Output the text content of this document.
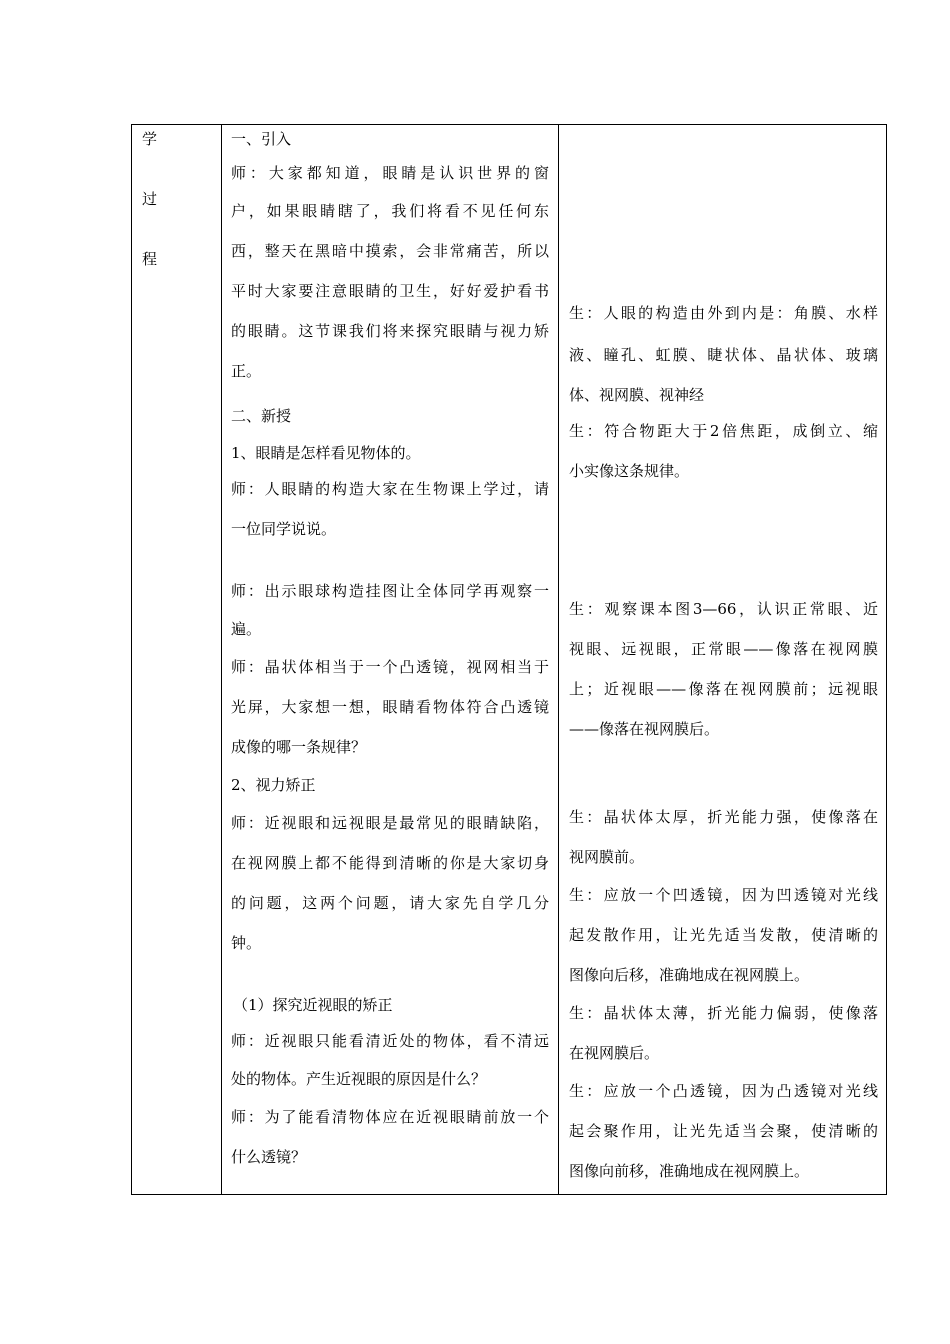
学
过
程
一、引入
师：大家都知道，眼睛是认识世界的窗
户，如果眼睛瞎了，我们将看不见任何东
西，整天在黑暗中摸索，会非常痛苦，所以
平时大家要注意眼睛的卫生，好好爱护看书
的眼睛。这节课我们将来探究眼睛与视力矫
正。
二、新授
1、眼睛是怎样看见物体的。
师：人眼睛的构造大家在生物课上学过，请
一位同学说说。
师：出示眼球构造挂图让全体同学再观察一
遍。
师：晶状体相当于一个凸透镜，视网相当于
光屏，大家想一想，眼睛看物体符合凸透镜
成像的哪一条规律？
2、视力矫正
师：近视眼和远视眼是最常见的眼睛缺陷，
在视网膜上都不能得到清晰的你是大家切身
的问题，这两个问题，请大家先自学几分
钟。
（1）探究近视眼的矫正
师：近视眼只能看清近处的物体，看不清远
处的物体。产生近视眼的原因是什么？
师：为了能看清物体应在近视眼睛前放一个
什么透镜？
生：人眼的构造由外到内是：角膜、水样
液、瞳孔、虹膜、睫状体、晶状体、玻璃
体、视网膜、视神经
生：符合物距大于2倍焦距，成倒立、缩
小实像这条规律。
生：观察课本图3—66，认识正常眼、近
视眼、远视眼，正常眼——像落在视网膜
上；近视眼——像落在视网膜前；远视眼
——像落在视网膜后。
生：晶状体太厚，折光能力强，使像落在
视网膜前。
生：应放一个凹透镜，因为凹透镜对光线
起发散作用，让光先适当发散，使清晰的
图像向后移，准确地成在视网膜上。
生：晶状体太薄，折光能力偏弱，使像落
在视网膜后。
生：应放一个凸透镜，因为凸透镜对光线
起会聚作用，让光先适当会聚，使清晰的
图像向前移，准确地成在视网膜上。
